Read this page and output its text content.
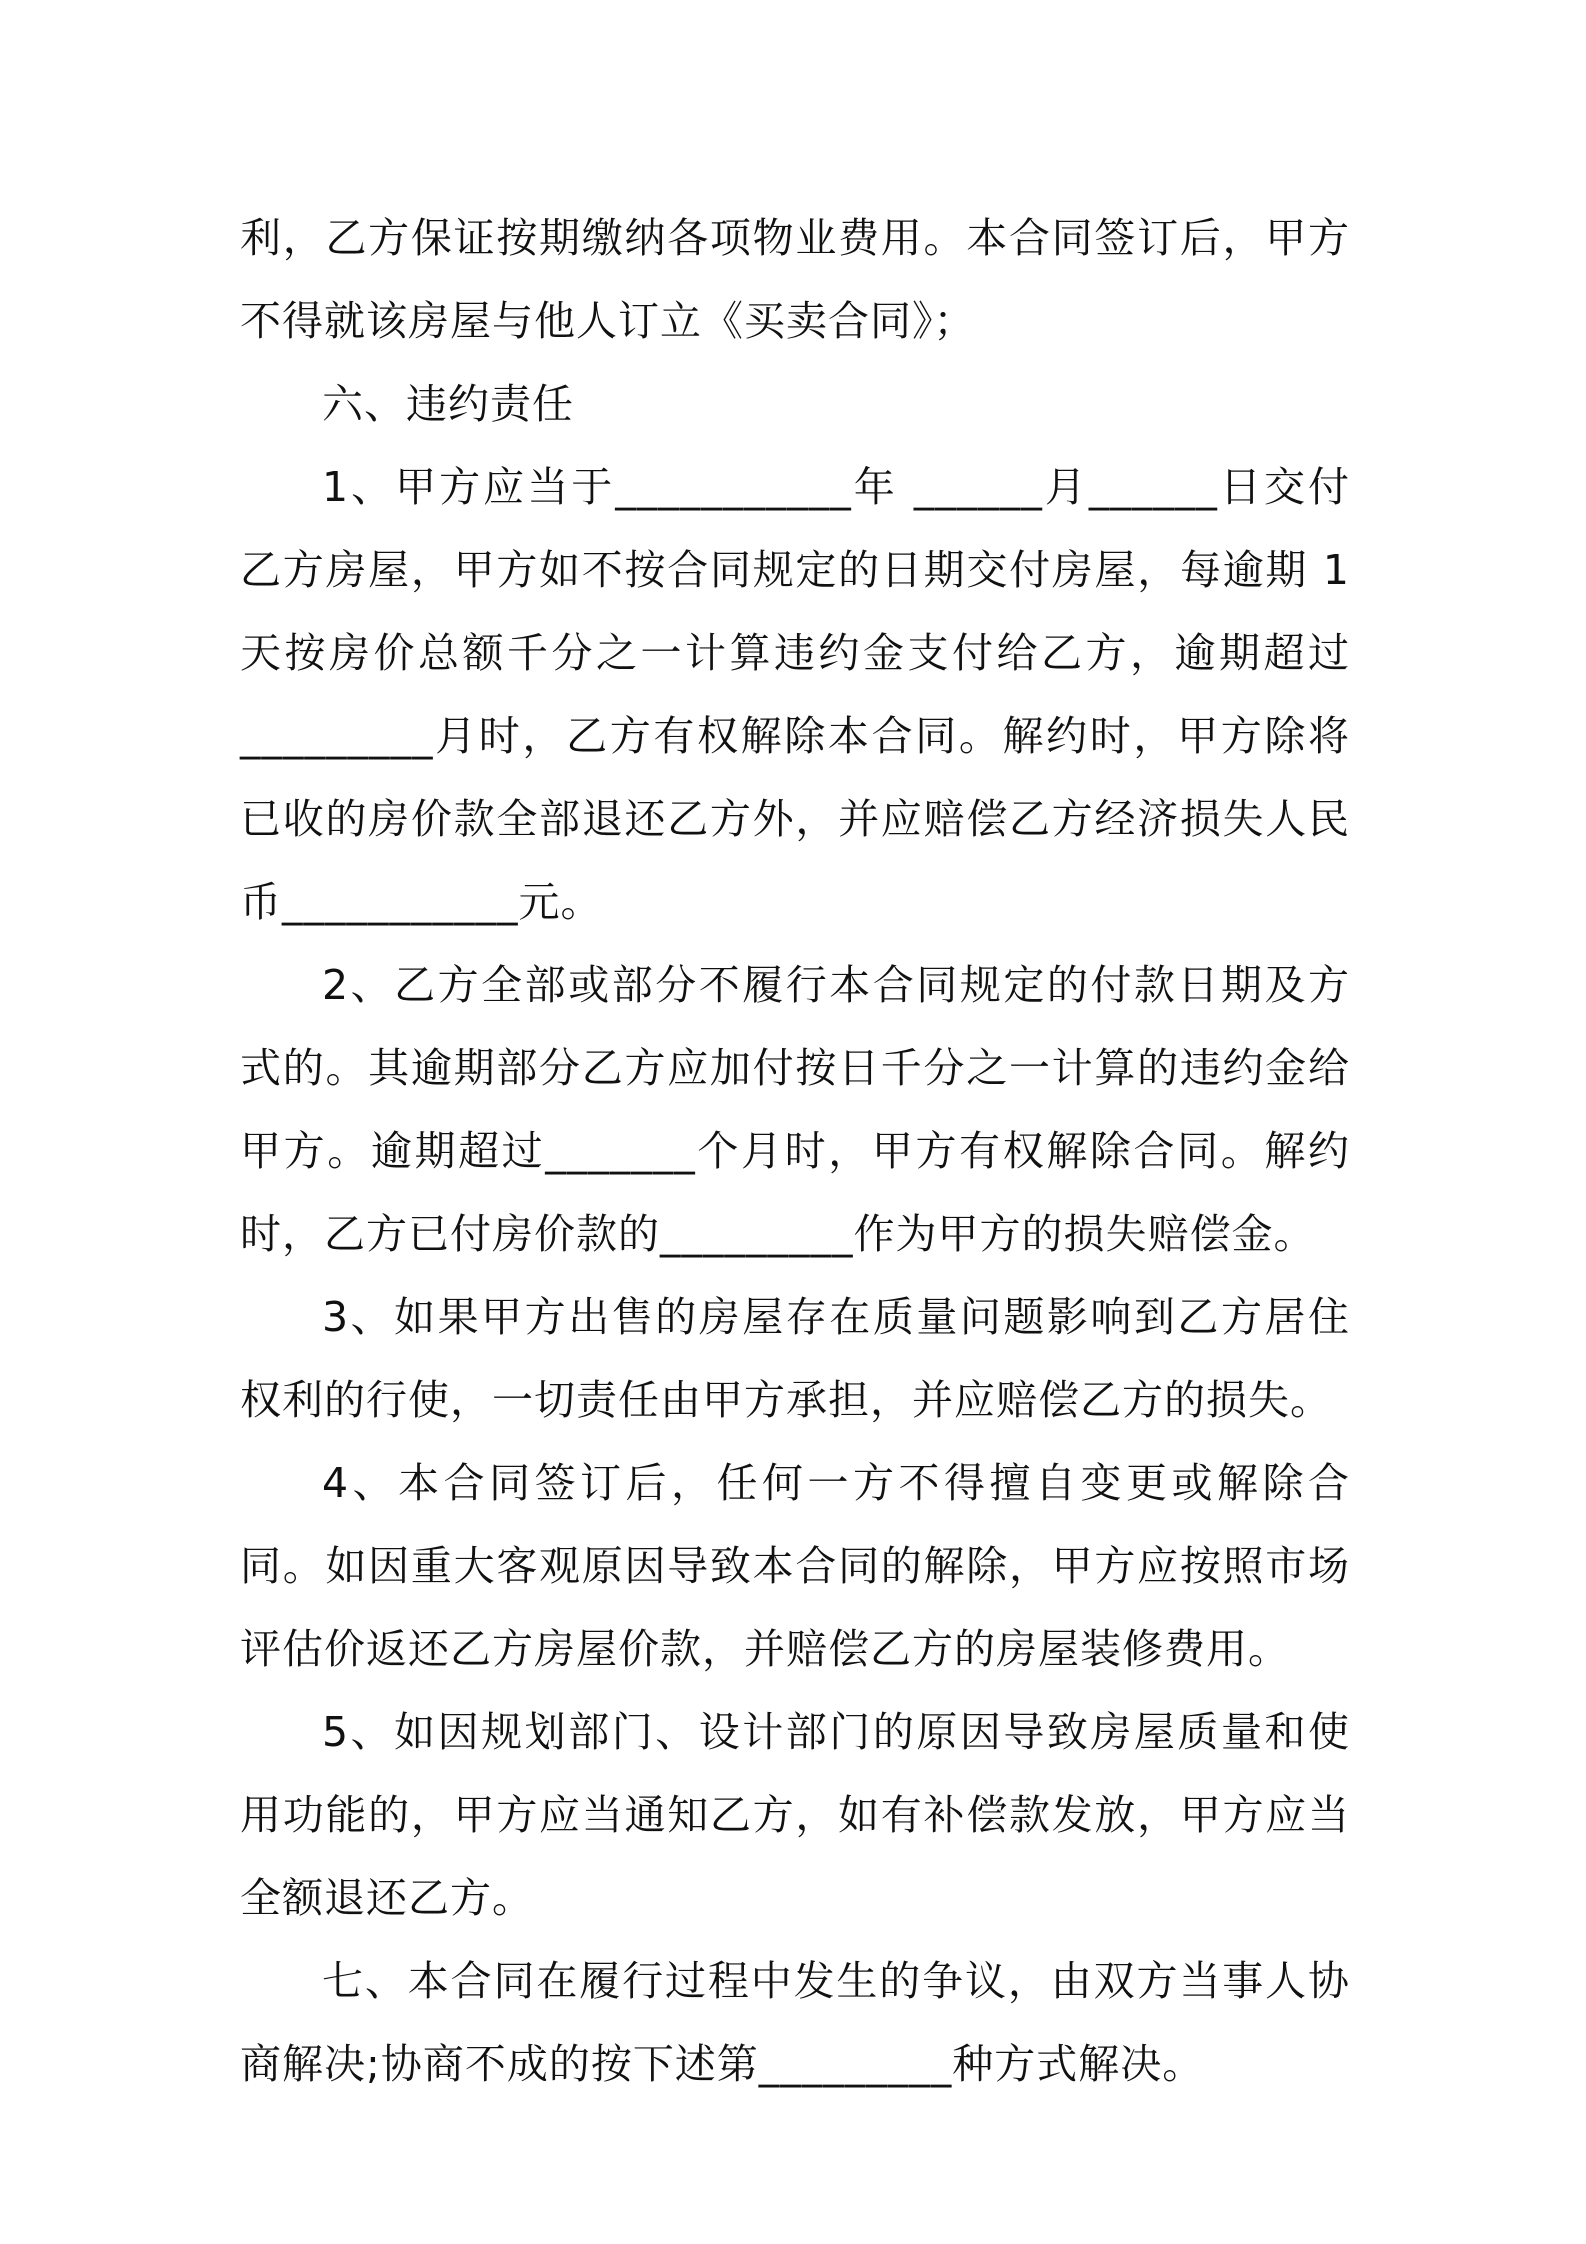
利，乙方保证按期缴纳各项物业费用。本合同签订后，甲方不得就该房屋与他人订立《买卖合同》；

六、违约责任

1、甲方应当于___________年 ______月______日交付乙方房屋，甲方如不按合同规定的日期交付房屋，每逾期 1 天按房价总额千分之一计算违约金支付给乙方，逾期超过_________月时，乙方有权解除本合同。解约时，甲方除将已收的房价款全部退还乙方外，并应赔偿乙方经济损失人民币___________元。

2、乙方全部或部分不履行本合同规定的付款日期及方式的。其逾期部分乙方应加付按日千分之一计算的违约金给甲方。逾期超过_______个月时，甲方有权解除合同。解约时，乙方已付房价款的_________作为甲方的损失赔偿金。

3、如果甲方出售的房屋存在质量问题影响到乙方居住权利的行使，一切责任由甲方承担，并应赔偿乙方的损失。

4、本合同签订后，任何一方不得擅自变更或解除合同。如因重大客观原因导致本合同的解除，甲方应按照市场评估价返还乙方房屋价款，并赔偿乙方的房屋装修费用。

5、如因规划部门、设计部门的原因导致房屋质量和使用功能的，甲方应当通知乙方，如有补偿款发放，甲方应当全额退还乙方。

七、本合同在履行过程中发生的争议，由双方当事人协商解决;协商不成的按下述第_________种方式解决。
